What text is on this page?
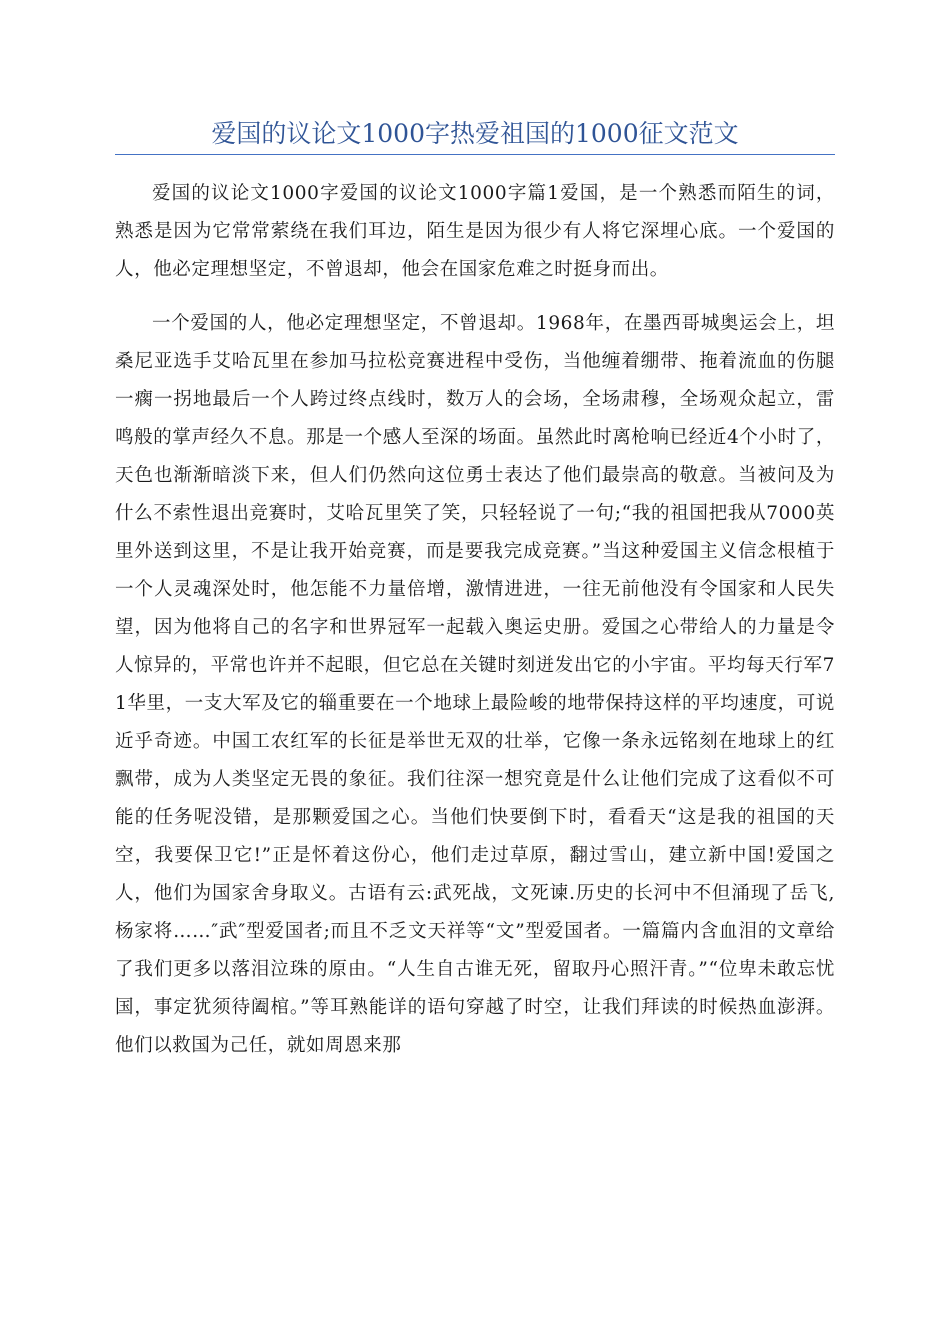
爱国的议论文1000字热爱祖国的1000征文范文

爱国的议论文1000字爱国的议论文1000字篇1爱国，是一个熟悉而陌生的词，熟悉是因为它常常萦绕在我们耳边，陌生是因为很少有人将它深埋心底。一个爱国的人，他必定理想坚定，不曾退却，他会在国家危难之时挺身而出。

一个爱国的人，他必定理想坚定，不曾退却。1968年，在墨西哥城奥运会上，坦桑尼亚选手艾哈瓦里在参加马拉松竞赛进程中受伤，当他缠着绷带、拖着流血的伤腿一瘸一拐地最后一个人跨过终点线时，数万人的会场，全场肃穆，全场观众起立，雷鸣般的掌声经久不息。那是一个感人至深的场面。虽然此时离枪响已经近4个小时了，天色也渐渐暗淡下来，但人们仍然向这位勇士表达了他们最崇高的敬意。当被问及为什么不索性退出竞赛时，艾哈瓦里笑了笑，只轻轻说了一句;“我的祖国把我从7000英里外送到这里，不是让我开始竞赛，而是要我完成竞赛。”当这种爱国主义信念根植于一个人灵魂深处时，他怎能不力量倍增，激情进进，一往无前他没有令国家和人民失望，因为他将自己的名字和世界冠军一起载入奥运史册。爱国之心带给人的力量是令人惊异的，平常也许并不起眼，但它总在关键时刻迸发出它的小宇宙。平均每天行军71华里，一支大军及它的辎重要在一个地球上最险峻的地带保持这样的平均速度，可说近乎奇迹。中国工农红军的长征是举世无双的壮举，它像一条永远铭刻在地球上的红飘带，成为人类坚定无畏的象征。我们往深一想究竟是什么让他们完成了这看似不可能的任务呢没错，是那颗爱国之心。当他们快要倒下时，看看天“这是我的祖国的天空，我要保卫它!”正是怀着这份心，他们走过草原，翻过雪山，建立新中国!爱国之人，他们为国家舍身取义。古语有云:武死战，文死谏.历史的长河中不但涌现了岳飞,杨家将……″武″型爱国者;而且不乏文天祥等“文”型爱国者。一篇篇内含血泪的文章给了我们更多以落泪泣珠的原由。“人生自古谁无死，留取丹心照汗青。”“位卑未敢忘忧国，事定犹须待阖棺。”等耳熟能详的语句穿越了时空，让我们拜读的时候热血澎湃。他们以救国为己任，就如周恩来那
